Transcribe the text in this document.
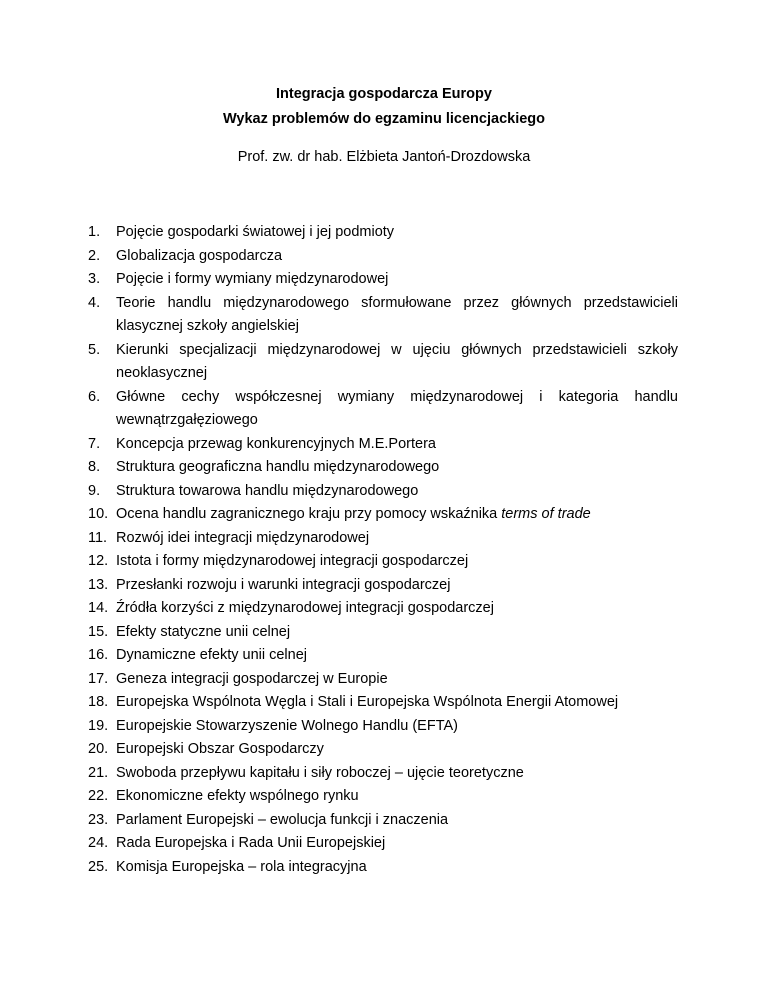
Integracja gospodarcza Europy
Wykaz problemów do egzaminu licencjackiego
Prof. zw. dr hab. Elżbieta Jantoń-Drozdowska
1. Pojęcie gospodarki światowej i jej podmioty
2. Globalizacja gospodarcza
3. Pojęcie i formy wymiany międzynarodowej
4. Teorie handlu międzynarodowego sformułowane przez głównych przedstawicieli klasycznej szkoły angielskiej
5. Kierunki specjalizacji międzynarodowej w ujęciu głównych przedstawicieli szkoły neoklasycznej
6. Główne cechy współczesnej wymiany międzynarodowej i kategoria handlu wewnątrzgałęziowego
7. Koncepcja przewag konkurencyjnych M.E.Portera
8. Struktura geograficzna handlu międzynarodowego
9. Struktura towarowa handlu międzynarodowego
10. Ocena handlu zagranicznego kraju przy pomocy wskaźnika terms of trade
11. Rozwój idei integracji międzynarodowej
12. Istota i formy międzynarodowej integracji gospodarczej
13. Przesłanki rozwoju i warunki integracji gospodarczej
14. Źródła korzyści z międzynarodowej integracji gospodarczej
15. Efekty statyczne unii celnej
16. Dynamiczne efekty unii celnej
17. Geneza integracji gospodarczej w Europie
18. Europejska Wspólnota Węgla i Stali i Europejska Wspólnota Energii Atomowej
19. Europejskie Stowarzyszenie Wolnego Handlu (EFTA)
20. Europejski Obszar Gospodarczy
21. Swoboda przepływu kapitału i siły roboczej – ujęcie teoretyczne
22. Ekonomiczne efekty wspólnego rynku
23. Parlament Europejski – ewolucja funkcji i znaczenia
24. Rada Europejska i Rada Unii Europejskiej
25. Komisja Europejska – rola integracyjna
